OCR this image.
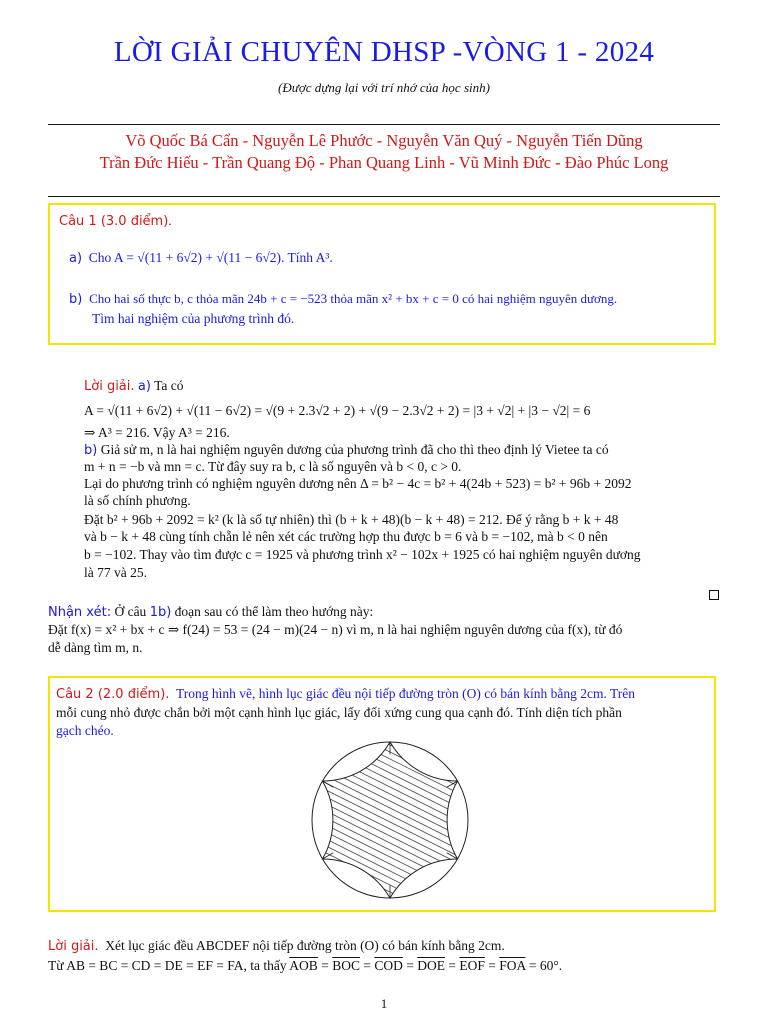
LỜI GIẢI CHUYÊN DHSP -VÒNG 1 - 2024
(Được dựng lại với trí nhớ của học sinh)
Võ Quốc Bá Cẩn - Nguyễn Lê Phước - Nguyễn Văn Quý - Nguyễn Tiến Dũng
Trần Đức Hiếu - Trần Quang Độ - Phan Quang Linh - Vũ Minh Đức - Đào Phúc Long
Câu 1 (3.0 điểm).
a) Cho A = √(11 + 6√2) + √(11 − 6√2). Tính A³.
b) Cho hai số thực b, c thỏa mãn 24b + c = −523 thỏa mãn x² + bx + c = 0 có hai nghiệm nguyên dương.
Tìm hai nghiệm của phương trình đó.
Lời giải. a) Ta có
A = √(11 + 6√2) + √(11 − 6√2) = √(9 + 2.3√2 + 2) + √(9 − 2.3√2 + 2) = |3 + √2| + |3 − √2| = 6
⇒ A³ = 216. Vậy A³ = 216.
b) Giả sử m, n là hai nghiệm nguyên dương của phương trình đã cho thì theo định lý Vietee ta có
m + n = −b và mn = c. Từ đây suy ra b, c là số nguyên và b < 0, c > 0.
Lại do phương trình có nghiệm nguyên dương nên Δ = b² − 4c = b² + 4(24b + 523) = b² + 96b + 2092
là số chính phương.
Đặt b² + 96b + 2092 = k² (k là số tự nhiên) thì (b + k + 48)(b − k + 48) = 212. Để ý rằng b + k + 48
và b − k + 48 cùng tính chẵn lẻ nên xét các trường hợp thu được b = 6 và b = −102, mà b < 0 nên
b = −102. Thay vào tìm được c = 1925 và phương trình x² − 102x + 1925 có hai nghiệm nguyên dương
là 77 và 25.
Nhận xét: Ở câu 1b) đoạn sau có thể làm theo hướng này:
Đặt f(x) = x² + bx + c ⇒ f(24) = 53 = (24 − m)(24 − n) vì m, n là hai nghiệm nguyên dương của f(x), từ đó
dễ dàng tìm m, n.
Câu 2 (2.0 điểm). Trong hình vẽ, hình lục giác đều nội tiếp đường tròn (O) có bán kính bằng 2cm. Trên
mỗi cung nhỏ được chắn bởi một cạnh hình lục giác, lấy đối xứng cung qua cạnh đó. Tính diện tích phần
gạch chéo.
Lời giải. Xét lục giác đều ABCDEF nội tiếp đường tròn (O) có bán kính bằng 2cm.
Từ AB = BC = CD = DE = EF = FA, ta thấy $\overline{AOB} = \overline{BOC} = \overline{COD} = \overline{DOE} = \overline{EOF} = \overline{FOA} = 60^\circ$.
1
